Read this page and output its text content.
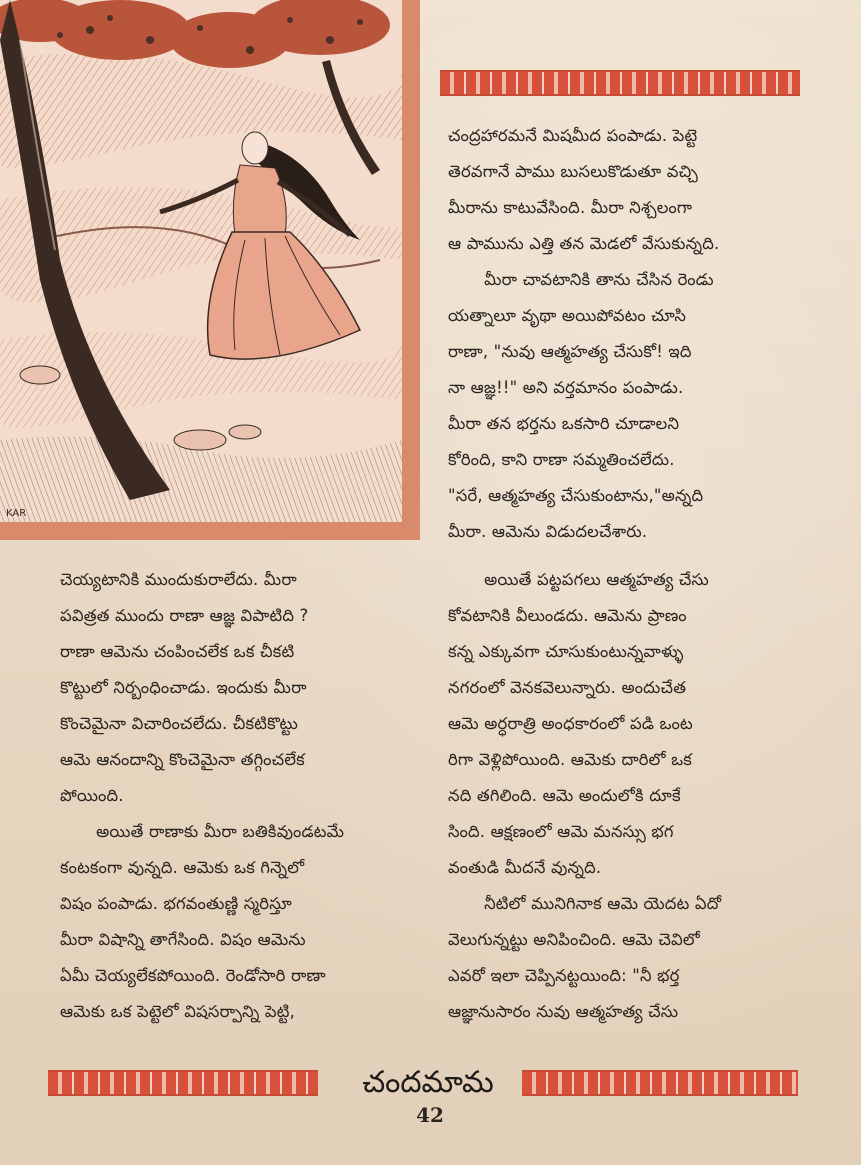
KAR

చంద్రహారమనే మిషమీద పంపాడు. పెట్టె

తెరవగానే పాము బుసలుకొడుతూ వచ్చి

మీరాను కాటువేసింది. మీరా నిశ్చలంగా

ఆ పామును ఎత్తి తన మెడలో వేసుకున్నది.

మీరా చావటానికి తాను చేసిన రెండు

యత్నాలూ వృథా అయిపోవటం చూసి

రాణా, "నువు ఆత్మహత్య చేసుకో! ఇది

నా ఆజ్ఞ!!" అని వర్తమానం పంపాడు.

మీరా తన భర్తను ఒకసారి చూడాలని

కోరింది, కాని రాణా సమ్మతించలేదు.

"సరే, ఆత్మహత్య చేసుకుంటాను,"అన్నది

మీరా. ఆమెను విడుదలచేశారు.

చెయ్యటానికి ముందుకురాలేదు. మీరా

పవిత్రత ముందు రాణా ఆజ్ఞ విపాటిది ?

రాణా ఆమెను చంపించలేక ఒక చీకటి

కొట్టులో నిర్బంధించాడు. ఇందుకు మీరా

కొంచెమైనా విచారించలేదు. చీకటికొట్టు

ఆమె ఆనందాన్ని కొంచెమైనా తగ్గించలేక

పోయింది.

అయితే రాణాకు మీరా బతికివుండటమే

కంటకంగా వున్నది. ఆమెకు ఒక గిన్నెలో

విషం పంపాడు. భగవంతుణ్ణి స్మరిస్తూ

మీరా విషాన్ని తాగేసింది. విషం ఆమెను

ఏమీ చెయ్యలేకపోయింది. రెండోసారి రాణా

ఆమెకు ఒక పెట్టెలో విషసర్పాన్ని పెట్టి,

అయితే పట్టపగలు ఆత్మహత్య చేసు

కోవటానికి వీలుండదు. ఆమెను ప్రాణం

కన్న ఎక్కువగా చూసుకుంటున్నవాళ్ళు

నగరంలో వెనకవెలున్నారు. అందుచేత

ఆమె అర్ధరాత్రి అంధకారంలో పడి ఒంట

రిగా వెళ్లిపోయింది. ఆమెకు దారిలో ఒక

నది తగిలింది. ఆమె అందులోకి దూకే

సింది. ఆక్షణంలో ఆమె మనస్సు భగ

వంతుడి మీదనే వున్నది.

నీటిలో మునిగినాక ఆమె యెదట ఏదో

వెలుగున్నట్టు అనిపించింది. ఆమె చెవిలో

ఎవరో ఇలా చెప్పినట్టయింది: "నీ భర్త

ఆజ్ఞానుసారం నువు ఆత్మహత్య చేసు

చందమామ
42
